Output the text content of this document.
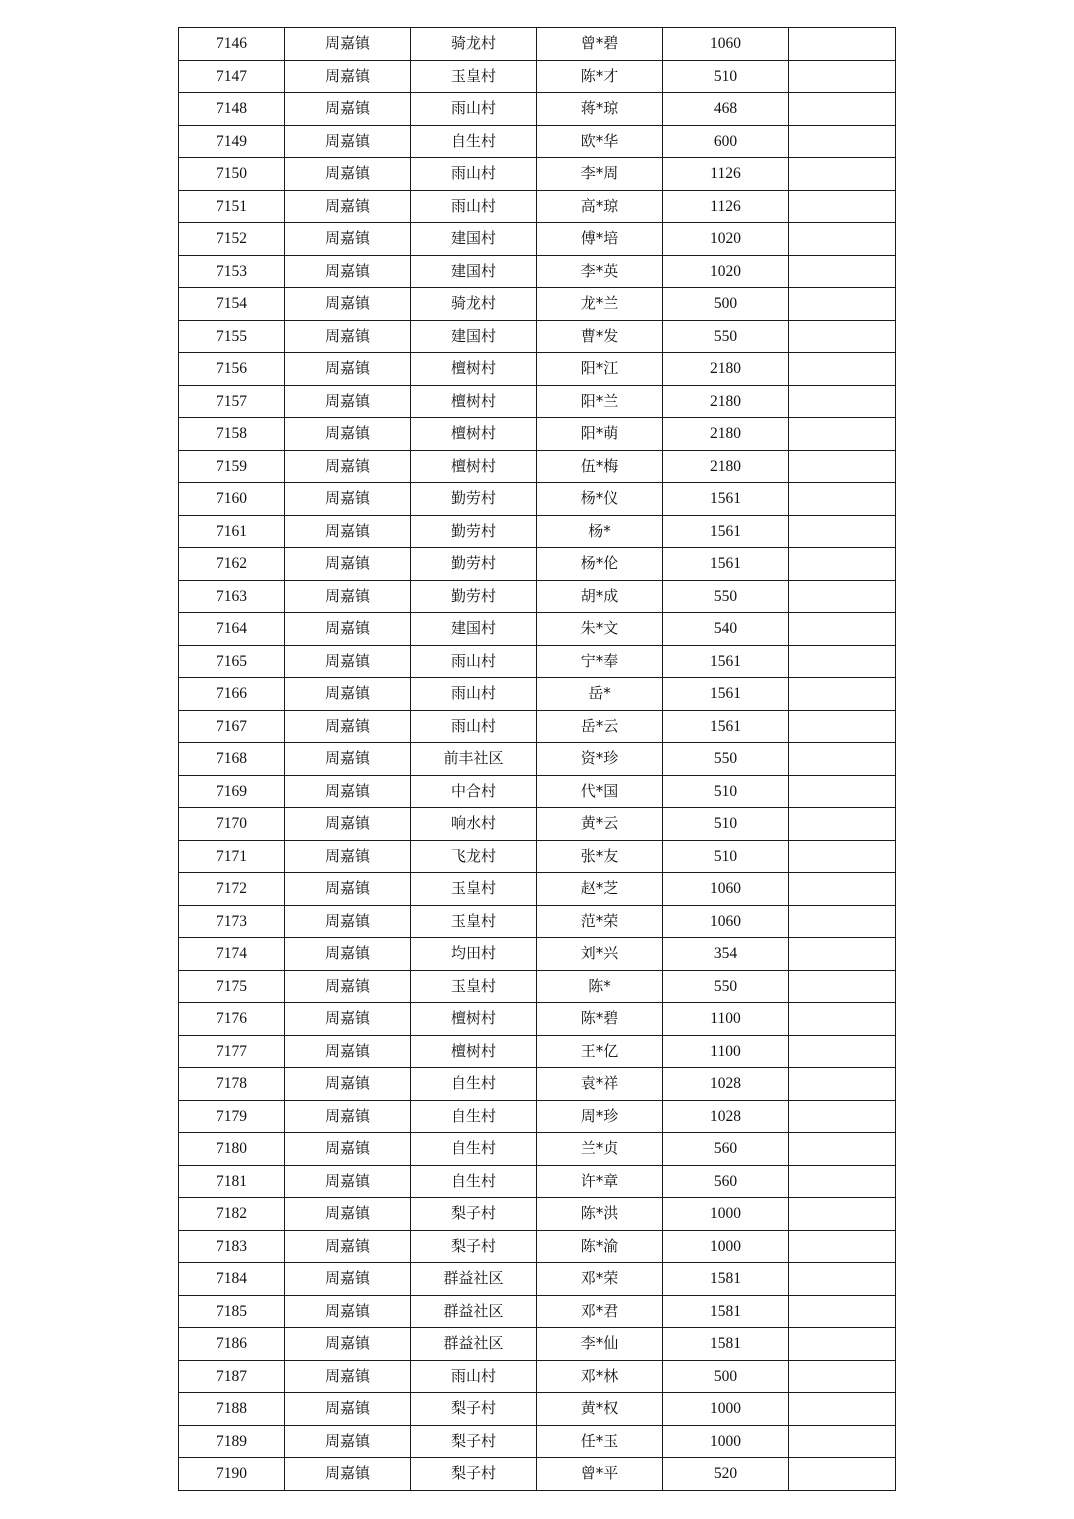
7146	周嘉镇	骑龙村	曾*碧	1060	
7147	周嘉镇	玉皇村	陈*才	510	
7148	周嘉镇	雨山村	蒋*琼	468	
7149	周嘉镇	自生村	欧*华	600	
7150	周嘉镇	雨山村	李*周	1126	
7151	周嘉镇	雨山村	高*琼	1126	
7152	周嘉镇	建国村	傅*培	1020	
7153	周嘉镇	建国村	李*英	1020	
7154	周嘉镇	骑龙村	龙*兰	500	
7155	周嘉镇	建国村	曹*发	550	
7156	周嘉镇	檀树村	阳*江	2180	
7157	周嘉镇	檀树村	阳*兰	2180	
7158	周嘉镇	檀树村	阳*萌	2180	
7159	周嘉镇	檀树村	伍*梅	2180	
7160	周嘉镇	勤劳村	杨*仪	1561	
7161	周嘉镇	勤劳村	杨*	1561	
7162	周嘉镇	勤劳村	杨*伦	1561	
7163	周嘉镇	勤劳村	胡*成	550	
7164	周嘉镇	建国村	朱*文	540	
7165	周嘉镇	雨山村	宁*奉	1561	
7166	周嘉镇	雨山村	岳*	1561	
7167	周嘉镇	雨山村	岳*云	1561	
7168	周嘉镇	前丰社区	资*珍	550	
7169	周嘉镇	中合村	代*国	510	
7170	周嘉镇	响水村	黄*云	510	
7171	周嘉镇	飞龙村	张*友	510	
7172	周嘉镇	玉皇村	赵*芝	1060	
7173	周嘉镇	玉皇村	范*荣	1060	
7174	周嘉镇	均田村	刘*兴	354	
7175	周嘉镇	玉皇村	陈*	550	
7176	周嘉镇	檀树村	陈*碧	1100	
7177	周嘉镇	檀树村	王*亿	1100	
7178	周嘉镇	自生村	袁*祥	1028	
7179	周嘉镇	自生村	周*珍	1028	
7180	周嘉镇	自生村	兰*贞	560	
7181	周嘉镇	自生村	许*章	560	
7182	周嘉镇	梨子村	陈*洪	1000	
7183	周嘉镇	梨子村	陈*渝	1000	
7184	周嘉镇	群益社区	邓*荣	1581	
7185	周嘉镇	群益社区	邓*君	1581	
7186	周嘉镇	群益社区	李*仙	1581	
7187	周嘉镇	雨山村	邓*林	500	
7188	周嘉镇	梨子村	黄*权	1000	
7189	周嘉镇	梨子村	任*玉	1000	
7190	周嘉镇	梨子村	曾*平	520	
